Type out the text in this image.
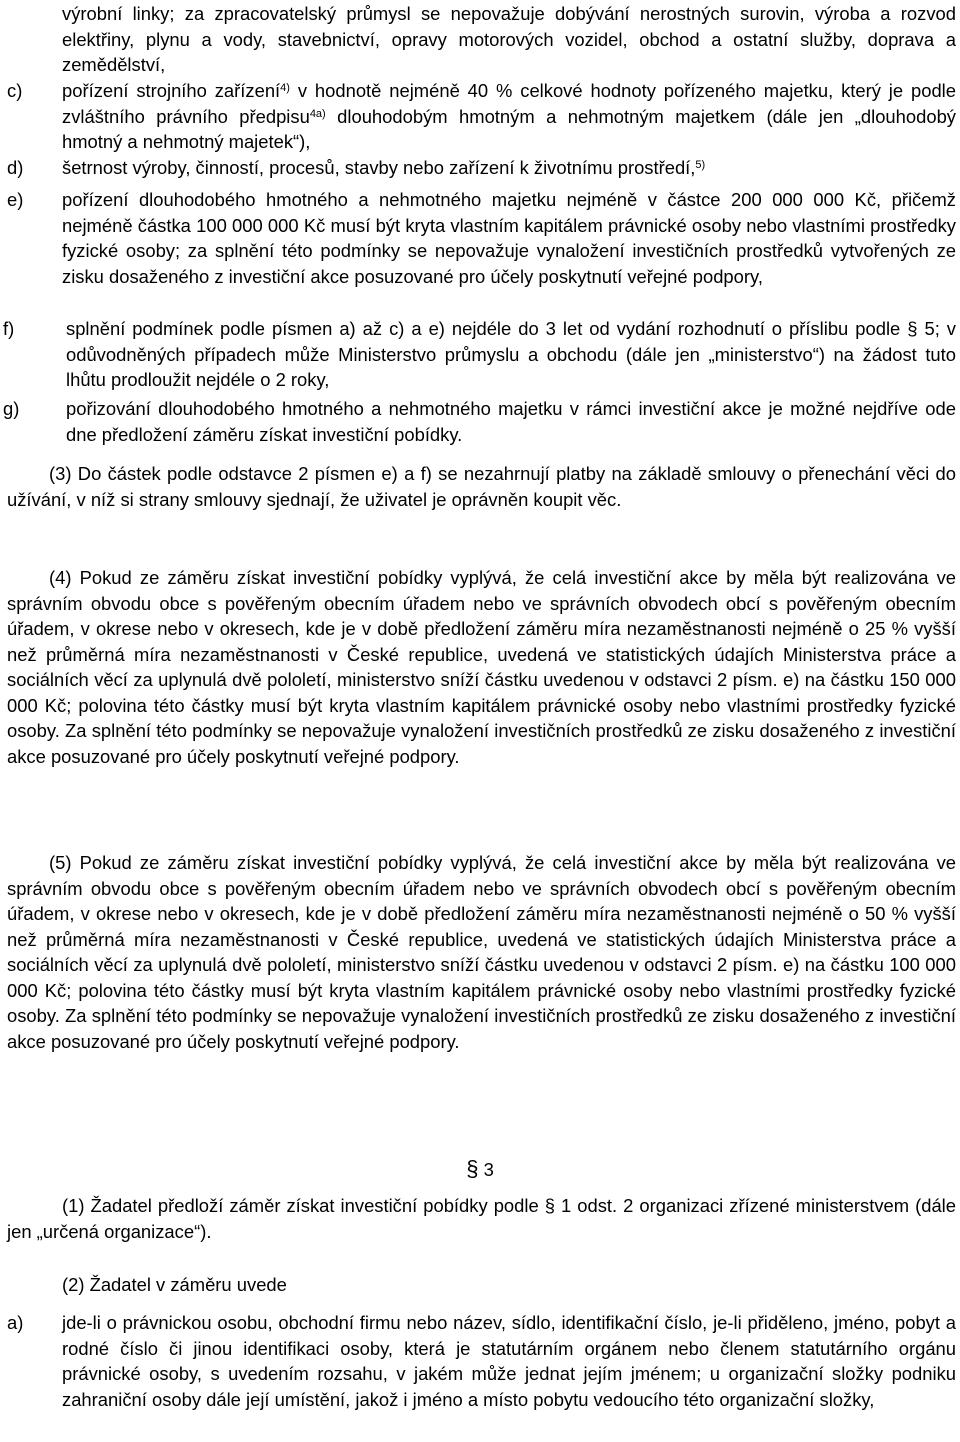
výrobní linky; za zpracovatelský průmysl se nepovažuje dobývání nerostných surovin, výroba a rozvod elektřiny, plynu a vody, stavebnictví, opravy motorových vozidel, obchod a ostatní služby, doprava a zemědělství,
c) pořízení strojního zařízení$^{4)}$ v hodnotě nejméně 40 % celkové hodnoty pořízeného majetku, který je podle zvláštního právního předpisu$^{4a)}$ dlouhodobým hmotným a nehmotným majetkem (dále jen „dlouhodobý hmotný a nehmotný majetek“),
d) šetrnost výroby, činností, procesů, stavby nebo zařízení k životnímu prostředí,$^{5)}$
e) pořízení dlouhodobého hmotného a nehmotného majetku nejméně v částce 200 000 000 Kč, přičemž nejméně částka 100 000 000 Kč musí být kryta vlastním kapitálem právnické osoby nebo vlastními prostředky fyzické osoby; za splnění této podmínky se nepovažuje vynaložení investičních prostředků vytvořených ze zisku dosaženého z investiční akce posuzované pro účely poskytnutí veřejné podpory,
f)	splnění podmínek podle písmen a) až c) a e) nejdéle do 3 let od vydání rozhodnutí o příslibu podle § 5; v odůvodněných případech může Ministerstvo průmyslu a obchodu (dále jen „ministerstvo“) na žádost tuto lhůtu prodloužit nejdéle o 2 roky,
g)	pořizování dlouhodobého hmotného a nehmotného majetku v rámci investiční akce je možné nejdříve ode dne předložení záměru získat investiční pobídky.
(3) Do částek podle odstavce 2 písmen e) a f) se nezahrnují platby na základě smlouvy o přenechání věci do užívání, v níž si strany smlouvy sjednají, že uživatel je oprávněn koupit věc.
(4) Pokud ze záměru získat investiční pobídky vyplývá, že celá investiční akce by měla být realizována ve správním obvodu obce s pověřeným obecním úřadem nebo ve správních obvodech obcí s pověřeným obecním úřadem, v okrese nebo v okresech, kde je v době předložení záměru míra nezaměstnanosti nejméně o 25 % vyšší než průměrná míra nezaměstnanosti v České republice, uvedená ve statistických údajích Ministerstva práce a sociálních věcí za uplynulá dvě pololetí, ministerstvo sníží částku uvedenou v odstavci 2 písm. e) na částku 150 000 000 Kč; polovina této částky musí být kryta vlastním kapitálem právnické osoby nebo vlastními prostředky fyzické osoby. Za splnění této podmínky se nepovažuje vynaložení investičních prostředků ze zisku dosaženého z investiční akce posuzované pro účely poskytnutí veřejné podpory.
(5) Pokud ze záměru získat investiční pobídky vyplývá, že celá investiční akce by měla být realizována ve správním obvodu obce s pověřeným obecním úřadem nebo ve správních obvodech obcí s pověřeným obecním úřadem, v okrese nebo v okresech, kde je v době předložení záměru míra nezaměstnanosti nejméně o 50 % vyšší než průměrná míra nezaměstnanosti v České republice, uvedená ve statistických údajích Ministerstva práce a sociálních věcí za uplynulá dvě pololetí, ministerstvo sníží částku uvedenou v odstavci 2 písm. e) na částku 100 000 000 Kč; polovina této částky musí být kryta vlastním kapitálem právnické osoby nebo vlastními prostředky fyzické osoby. Za splnění této podmínky se nepovažuje vynaložení investičních prostředků ze zisku dosaženého z investiční akce posuzované pro účely poskytnutí veřejné podpory.
§ 3
(1) Žadatel předloží záměr získat investiční pobídky podle § 1 odst. 2 organizaci zřízené ministerstvem (dále jen „určená organizace“).
(2) Žadatel v záměru uvede
a) jde-li o právnickou osobu, obchodní firmu nebo název, sídlo, identifikační číslo, je-li přiděleno, jméno, pobyt a rodné číslo či jinou identifikaci osoby, která je statutárním orgánem nebo členem statutárního orgánu právnické osoby, s uvedením rozsahu, v jakém může jednat jejím jménem; u organizační složky podniku zahraniční osoby dále její umístění, jakož i jméno a místo pobytu vedoucího této organizační složky,
